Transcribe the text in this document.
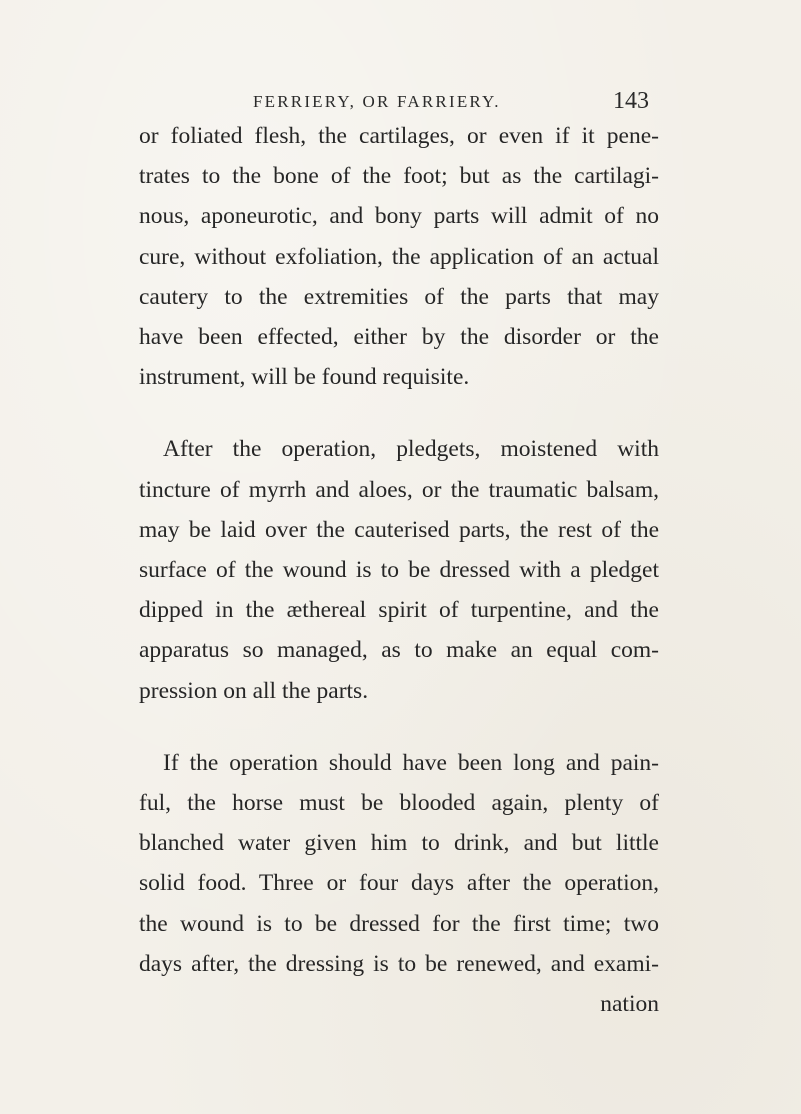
FERRIERY, OR FARRIERY.	143

or foliated flesh, the cartilages, or even if it pene-
trates to the bone of the foot; but as the cartilagi-
nous, aponeurotic, and bony parts will admit of no
cure, without exfoliation, the application of an actual
cautery to the extremities of the parts that may
have been effected, either by the disorder or the
instrument, will be found requisite.

After the operation, pledgets, moistened with
tincture of myrrh and aloes, or the traumatic balsam,
may be laid over the cauterised parts, the rest of the
surface of the wound is to be dressed with a pledget
dipped in the æthereal spirit of turpentine, and the
apparatus so managed, as to make an equal com-
pression on all the parts.

If the operation should have been long and pain-
ful, the horse must be blooded again, plenty of
blanched water given him to drink, and but little
solid food. Three or four days after the operation,
the wound is to be dressed for the first time; two
days after, the dressing is to be renewed, and exami-
nation
